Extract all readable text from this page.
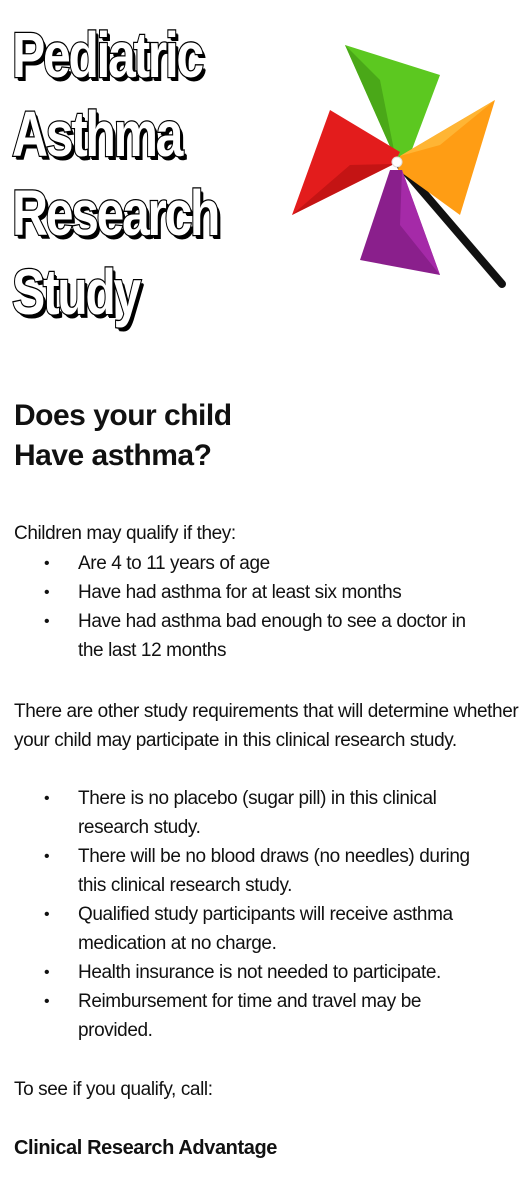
Pediatric
Asthma
Research
Study
Does your child
Have asthma?

Children may qualify if they:

• Are 4 to 11 years of age
• Have had asthma for at least six months
• Have had asthma bad enough to see a doctor in the last 12 months

There are other study requirements that will determine whether your child may participate in this clinical research study.

• There is no placebo (sugar pill) in this clinical research study.
• There will be no blood draws (no needles) during this clinical research study.
• Qualified study participants will receive asthma medication at no charge.
• Health insurance is not needed to participate.
• Reimbursement for time and travel may be provided.

To see if you qualify, call:

Clinical Research Advantage
